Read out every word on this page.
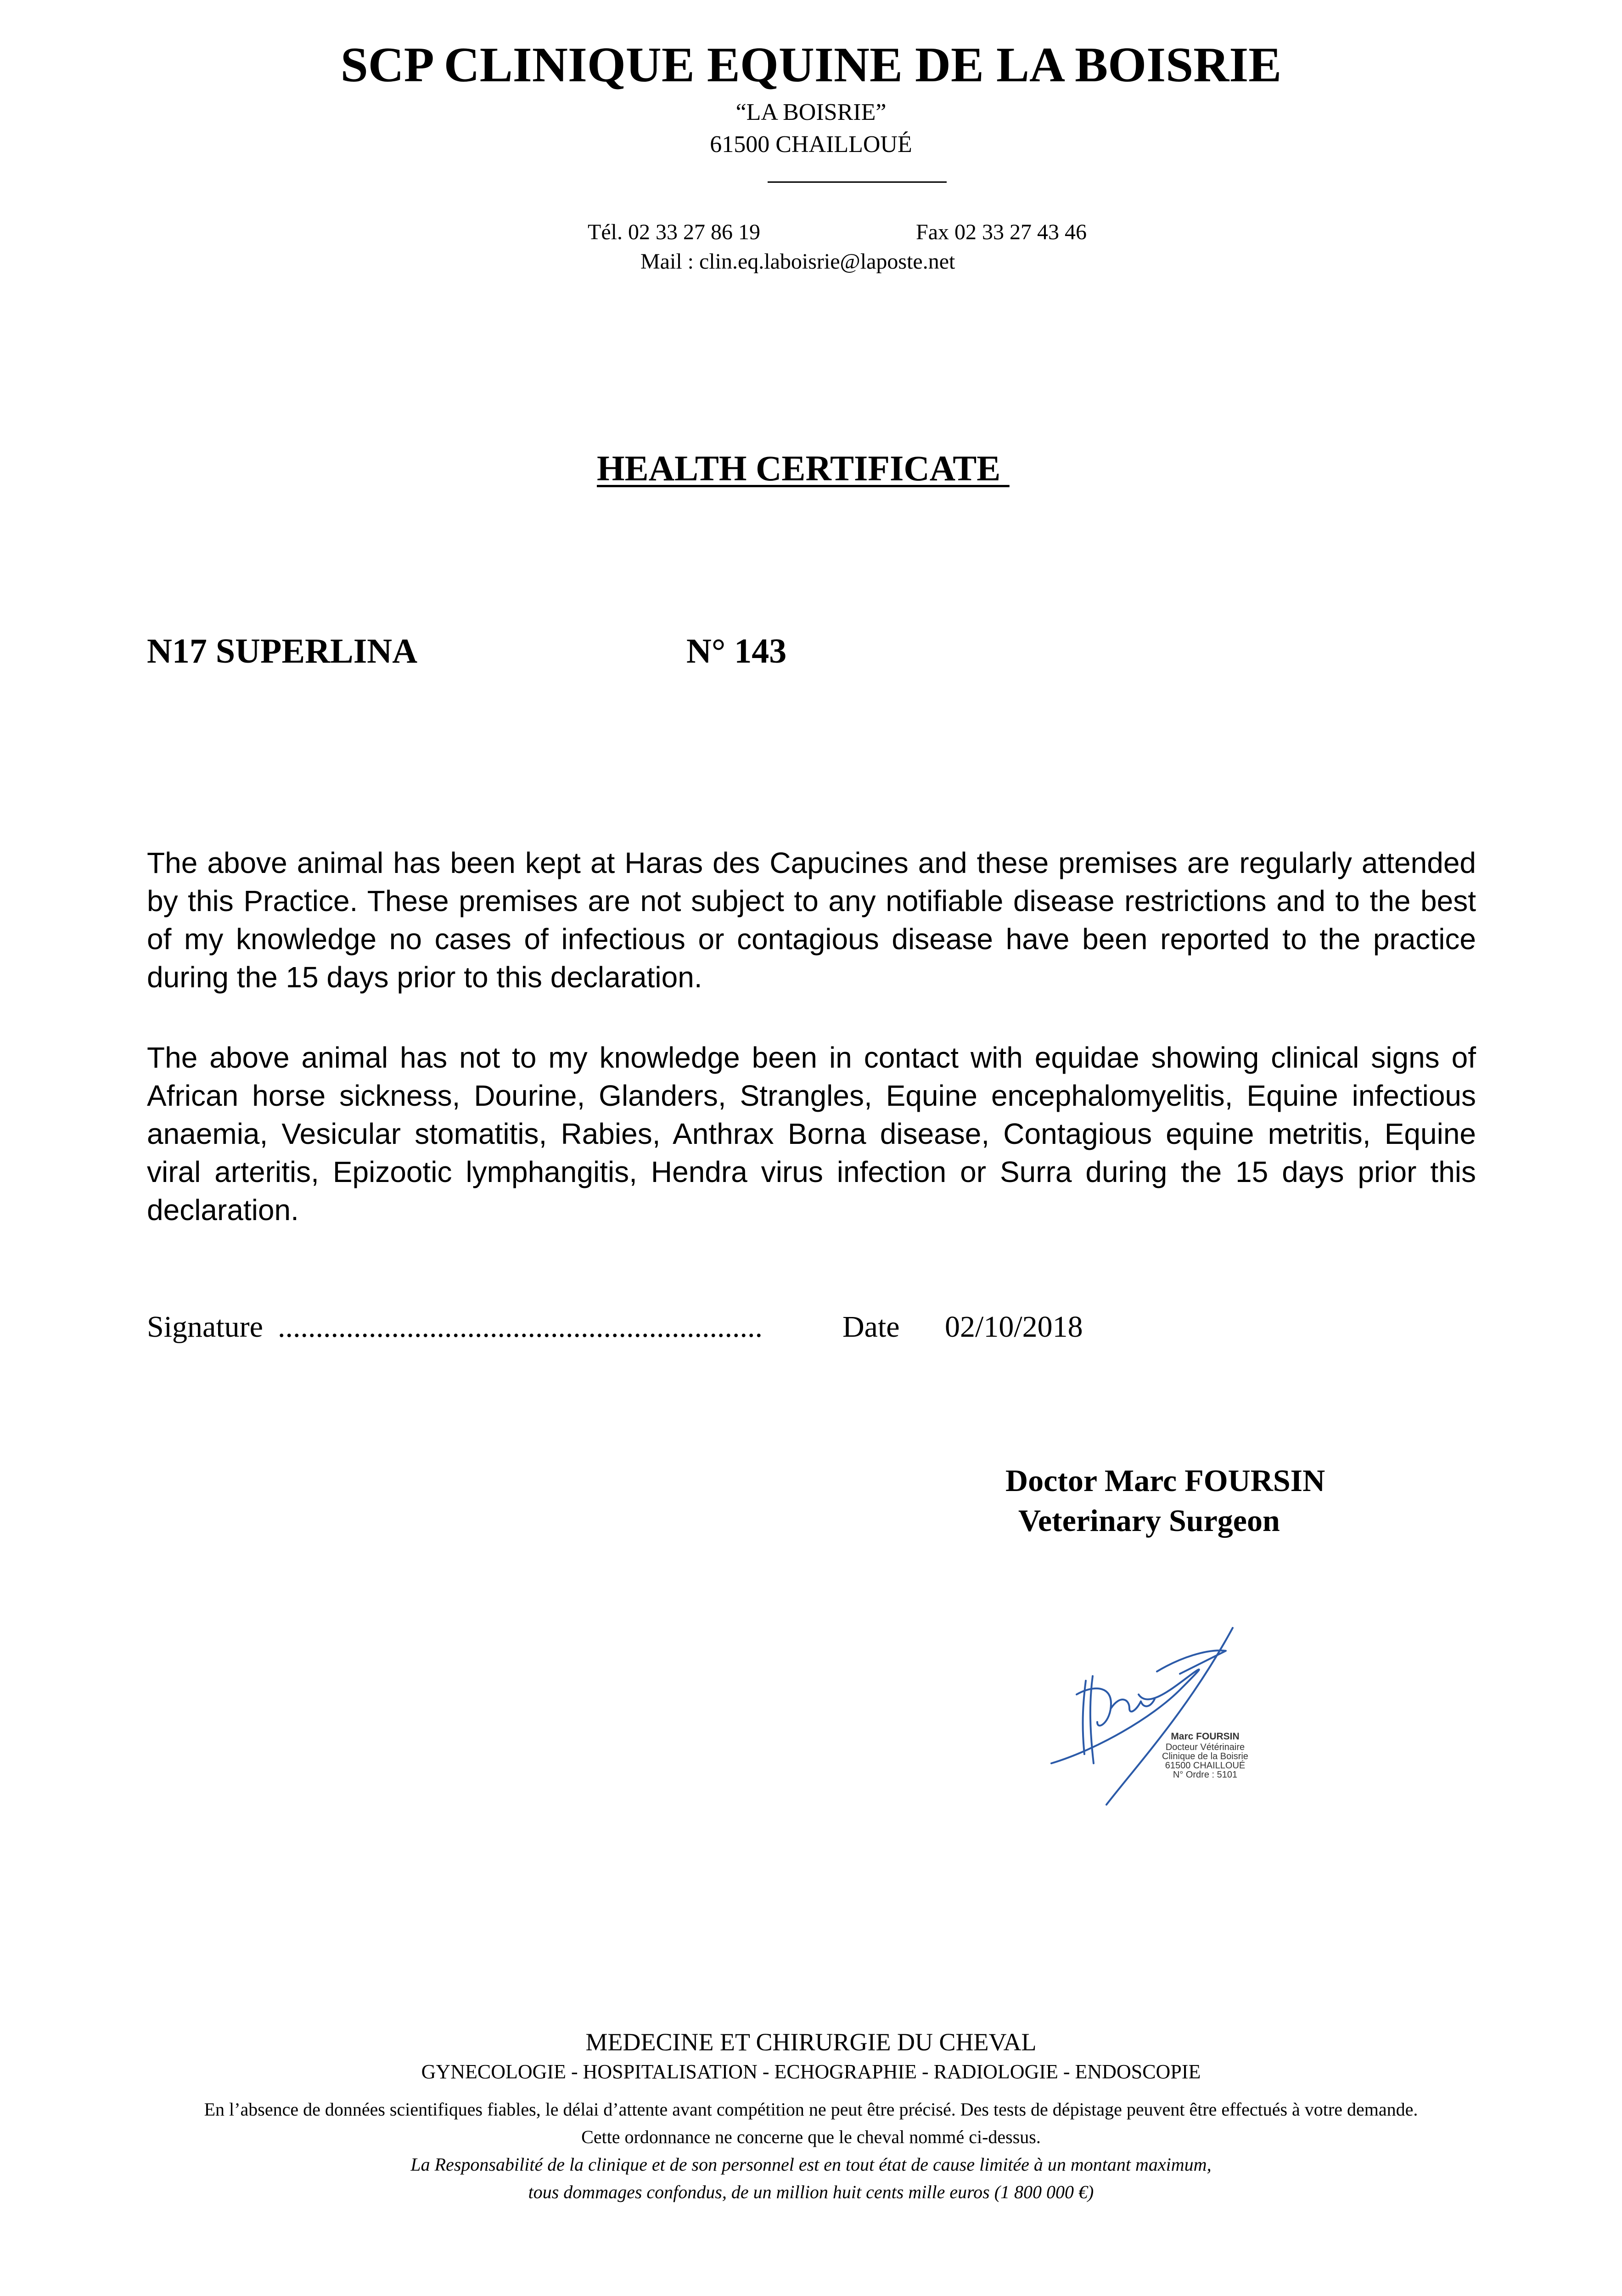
SCP CLINIQUE EQUINE DE LA BOISRIE
“LA BOISRIE”
61500 CHAILLOUÉ
Tél. 02 33 27 86 19	Fax 02 33 27 43 46
Mail : clin.eq.laboisrie@laposte.net
HEALTH CERTIFICATE
N17 SUPERLINA	N° 143
The above animal has been kept at Haras des Capucines and these premises are regularly attended by this Practice. These premises are not subject to any notifiable disease restrictions and to the best of my knowledge no cases of infectious or contagious disease have been reported to the practice during the 15 days prior to this declaration.
The above animal has not to my knowledge been in contact with equidae showing clinical signs of African horse sickness, Dourine, Glanders, Strangles, Equine encephalomyelitis, Equine infectious anaemia, Vesicular stomatitis, Rabies, Anthrax Borna disease, Contagious equine metritis, Equine viral arteritis, Epizootic lymphangitis, Hendra virus infection or Surra during the 15 days prior this declaration.
Signature ................................................................	Date 02/10/2018
Doctor Marc FOURSIN
Veterinary Surgeon
Marc FOURSIN
Docteur Vétérinaire
Clinique de la Boisrie
61500 CHAILLOUÉ
N° Ordre : 5101
MEDECINE ET CHIRURGIE DU CHEVAL
GYNECOLOGIE - HOSPITALISATION - ECHOGRAPHIE - RADIOLOGIE - ENDOSCOPIE
En l’absence de données scientifiques fiables, le délai d’attente avant compétition ne peut être précisé. Des tests de dépistage peuvent être effectués à votre demande.
Cette ordonnance ne concerne que le cheval nommé ci-dessus.
La Responsabilité de la clinique et de son personnel est en tout état de cause limitée à un montant maximum,
tous dommages confondus, de un million huit cents mille euros (1 800 000 €)
